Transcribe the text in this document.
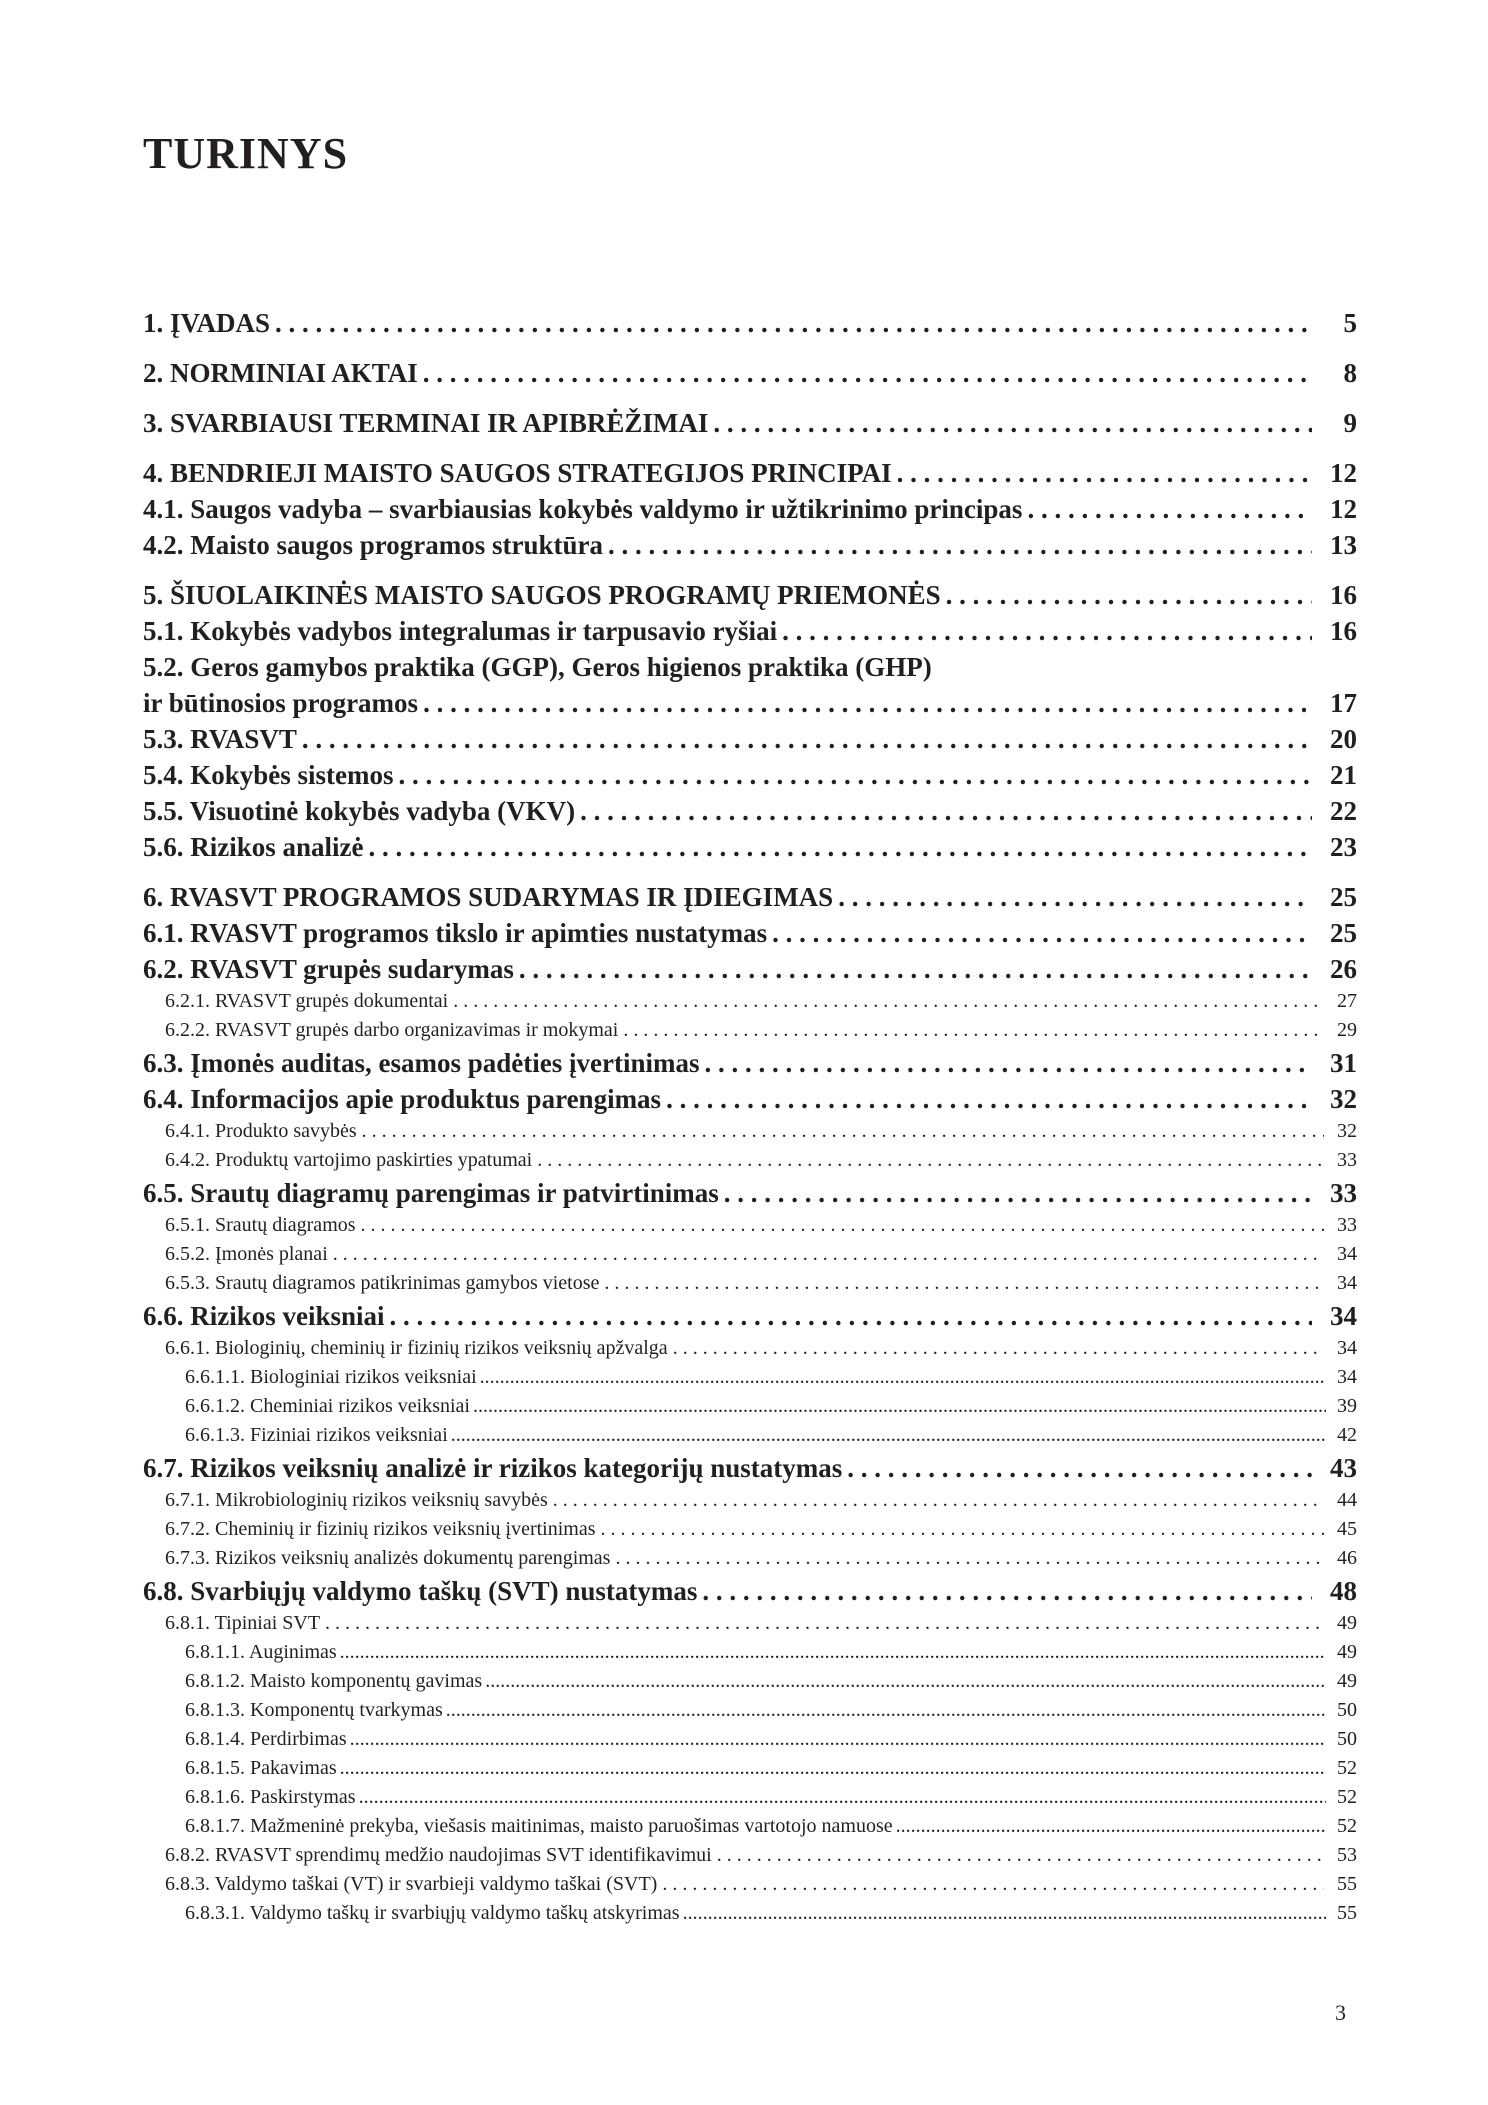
TURINYS
1. ĮVADAS . . .	5
2. NORMINIAI AKTAI . . .	8
3. SVARBIAUSI TERMINAI IR APIBRĖŽIMAI . . .	9
4. BENDRIEJI MAISTO SAUGOS STRATEGIJOS PRINCIPAI . . .	12
4.1. Saugos vadyba – svarbiausias kokybės valdymo ir užtikrinimo principas . . .	12
4.2. Maisto saugos programos struktūra . . .	13
5. ŠIUOLAIKINĖS MAISTO SAUGOS PROGRAMŲ PRIEMONĖS . . .	16
5.1. Kokybės vadybos integralumas ir tarpusavio ryšiai . . .	16
5.2. Geros gamybos praktika (GGP), Geros higienos praktika (GHP)
ir būtinosios programos . . .	17
5.3. RVASVT . . .	20
5.4. Kokybės sistemos . . .	21
5.5. Visuotinė kokybės vadyba (VKV) . . .	22
5.6. Rizikos analizė . . .	23
6. RVASVT PROGRAMOS SUDARYMAS IR ĮDIEGIMAS . . .	25
6.1. RVASVT programos tikslo ir apimties nustatymas . . .	25
6.2. RVASVT grupės sudarymas . . .	26
6.2.1. RVASVT grupės dokumentai . . .	27
6.2.2. RVASVT grupės darbo organizavimas ir mokymai . . .	29
6.3. Įmonės auditas, esamos padėties įvertinimas . . .	31
6.4. Informacijos apie produktus parengimas . . .	32
6.4.1. Produkto savybės . . .	32
6.4.2. Produktų vartojimo paskirties ypatumai . . .	33
6.5. Srautų diagramų parengimas ir patvirtinimas . . .	33
6.5.1. Srautų diagramos . . .	33
6.5.2. Įmonės planai . . .	34
6.5.3. Srautų diagramos patikrinimas gamybos vietose . . .	34
6.6. Rizikos veiksniai . . .	34
6.6.1. Biologinių, cheminių ir fizinių rizikos veiksnių apžvalga . . .	34
6.6.1.1. Biologiniai rizikos veiksniai .....	34
6.6.1.2. Cheminiai rizikos veiksniai .....	39
6.6.1.3. Fiziniai rizikos veiksniai .....	42
6.7. Rizikos veiksnių analizė ir rizikos kategorijų nustatymas . . .	43
6.7.1. Mikrobiologinių rizikos veiksnių savybės . . .	44
6.7.2. Cheminių ir fizinių rizikos veiksnių įvertinimas . . .	45
6.7.3. Rizikos veiksnių analizės dokumentų parengimas . . .	46
6.8. Svarbiųjų valdymo taškų (SVT) nustatymas . . .	48
6.8.1. Tipiniai SVT . . .	49
6.8.1.1. Auginimas .....	49
6.8.1.2. Maisto komponentų gavimas .....	49
6.8.1.3. Komponentų tvarkymas .....	50
6.8.1.4. Perdirbimas .....	50
6.8.1.5. Pakavimas .....	52
6.8.1.6. Paskirstymas .....	52
6.8.1.7. Mažmeninė prekyba, viešasis maitinimas, maisto paruošimas vartotojo namuose .....	52
6.8.2. RVASVT sprendimų medžio naudojimas SVT identifikavimui . . .	53
6.8.3. Valdymo taškai (VT) ir svarbieji valdymo taškai (SVT) . . .	55
6.8.3.1. Valdymo taškų ir svarbiųjų valdymo taškų atskyrimas .....	55
3
